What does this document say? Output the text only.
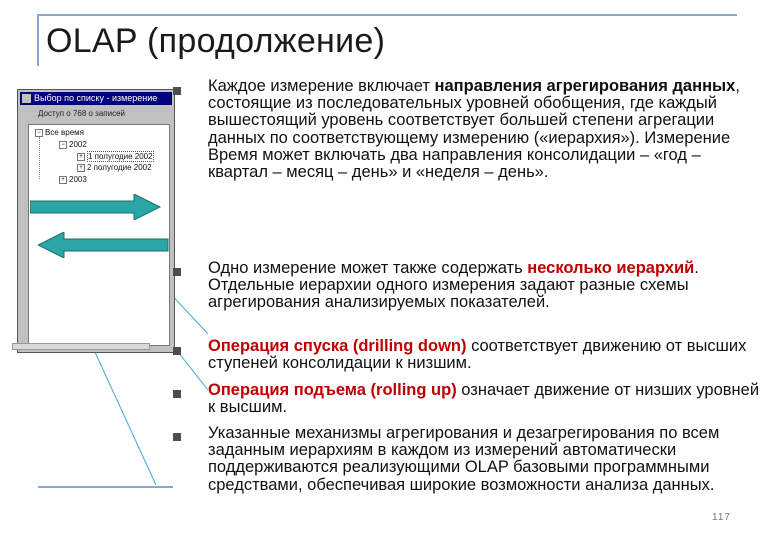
OLAP (продолжение)
Выбор по списку - измерение
Доступ о 768 о записей
− Все время
− 2002
+ 1 полугодие 2002
+ 2 полугодие 2002
+ 2003
Каждое измерение включает направления агрегирования данных, состоящие из последовательных уровней обобщения, где каждый вышестоящий уровень соответствует большей степени агрегации данных по соответствующему измерению («иерархия»). Измерение Время может включать два направления консолидации – «год – квартал – месяц – день» и «неделя – день».
Одно измерение может также содержать несколько иерархий. Отдельные иерархии одного измерения задают разные схемы агрегирования анализируемых показателей.
Операция спуска (drilling down) соответствует движению от высших ступеней консолидации к низшим.
Операция подъема (rolling up) означает движение от низших уровней к высшим.
Указанные механизмы агрегирования и дезагрегирования по всем заданным иерархиям в каждом из измерений автоматически поддерживаются реализующими OLAP базовыми программными средствами, обеспечивая широкие возможности анализа данных.
117
